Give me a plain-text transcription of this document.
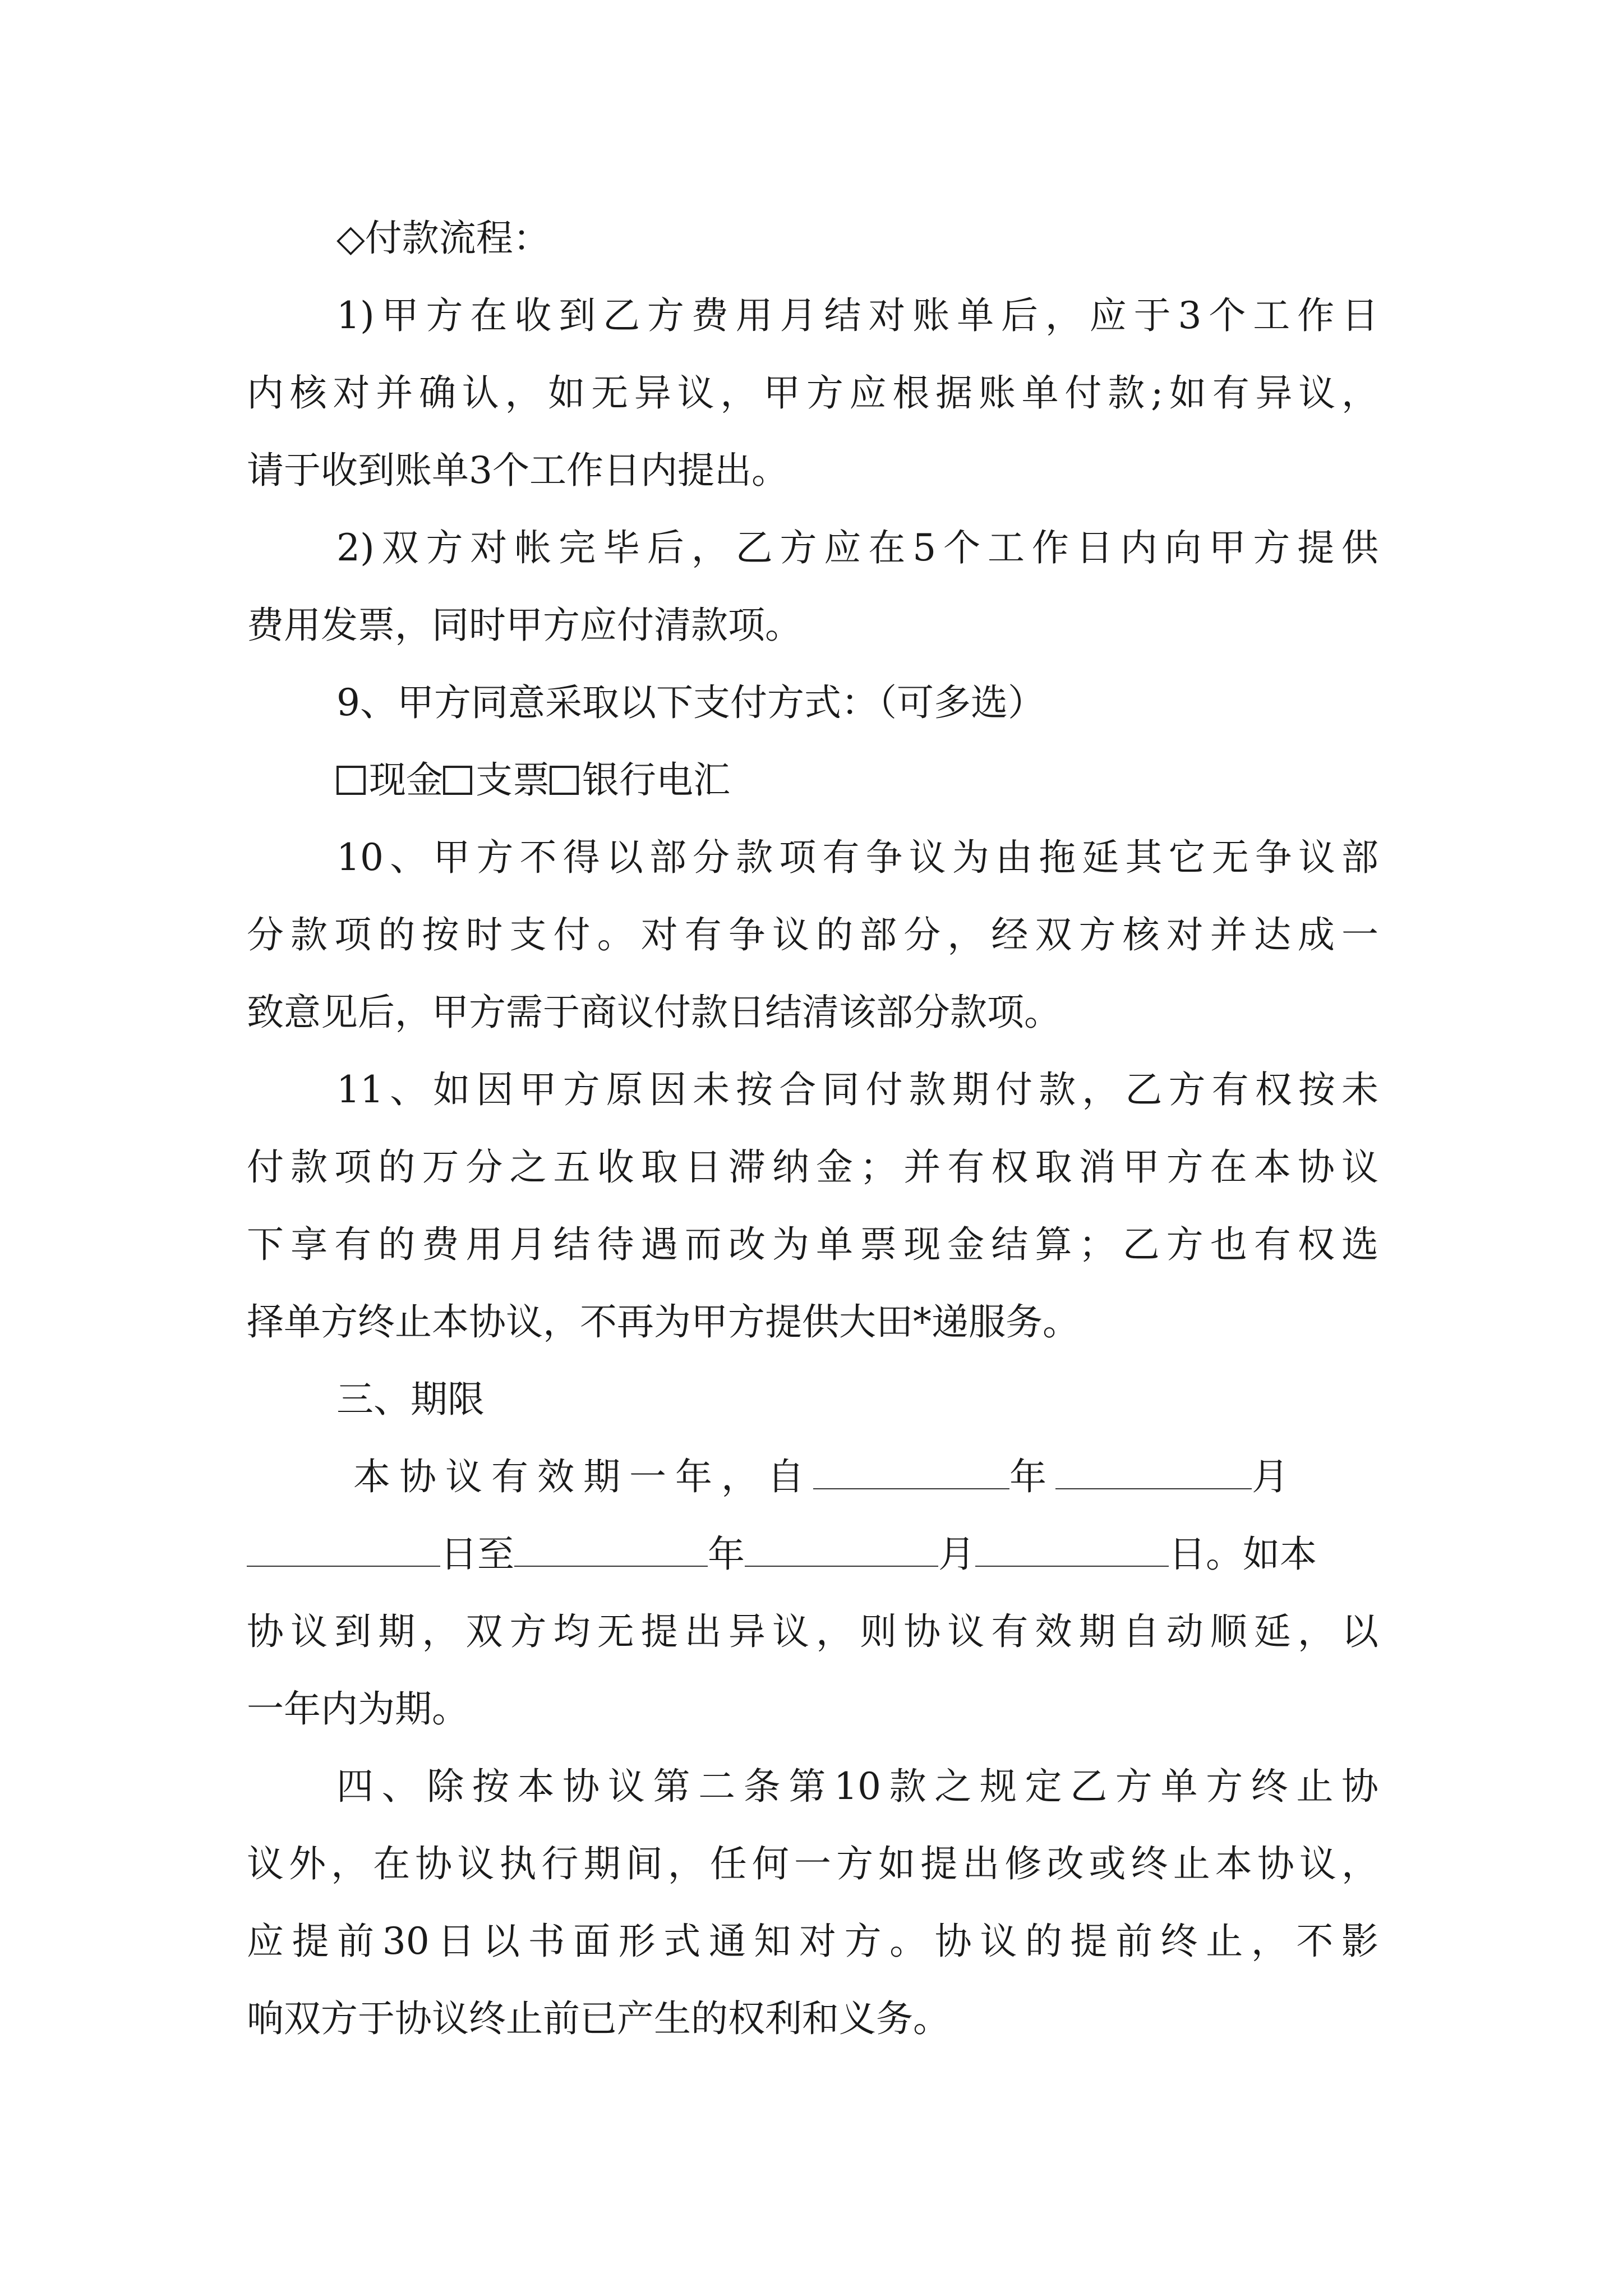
◇付款流程：

1)甲方在收到乙方费用月结对账单后，应于3个工作日

内核对并确认，如无异议，甲方应根据账单付款;如有异议，

请于收到账单3个工作日内提出。

2)双方对帐完毕后，乙方应在5个工作日内向甲方提供

费用发票，同时甲方应付清款项。

9、甲方同意采取以下支付方式：（可多选）

现金 支票 银行电汇

10、甲方不得以部分款项有争议为由拖延其它无争议部

分款项的按时支付。对有争议的部分，经双方核对并达成一

致意见后，甲方需于商议付款日结清该部分款项。

11、如因甲方原因未按合同付款期付款，乙方有权按未

付款项的万分之五收取日滞纳金；并有权取消甲方在本协议

下享有的费用月结待遇而改为单票现金结算；乙方也有权选

择单方终止本协议，不再为甲方提供大田*递服务。

三、期限

本协议有效期一年，自	年	月

日至	年	月	日。如本

协议到期，双方均无提出异议，则协议有效期自动顺延，以

一年内为期。

四、除按本协议第二条第10款之规定乙方单方终止协

议外，在协议执行期间，任何一方如提出修改或终止本协议，

应提前30日以书面形式通知对方。协议的提前终止，不影

响双方于协议终止前已产生的权利和义务。
